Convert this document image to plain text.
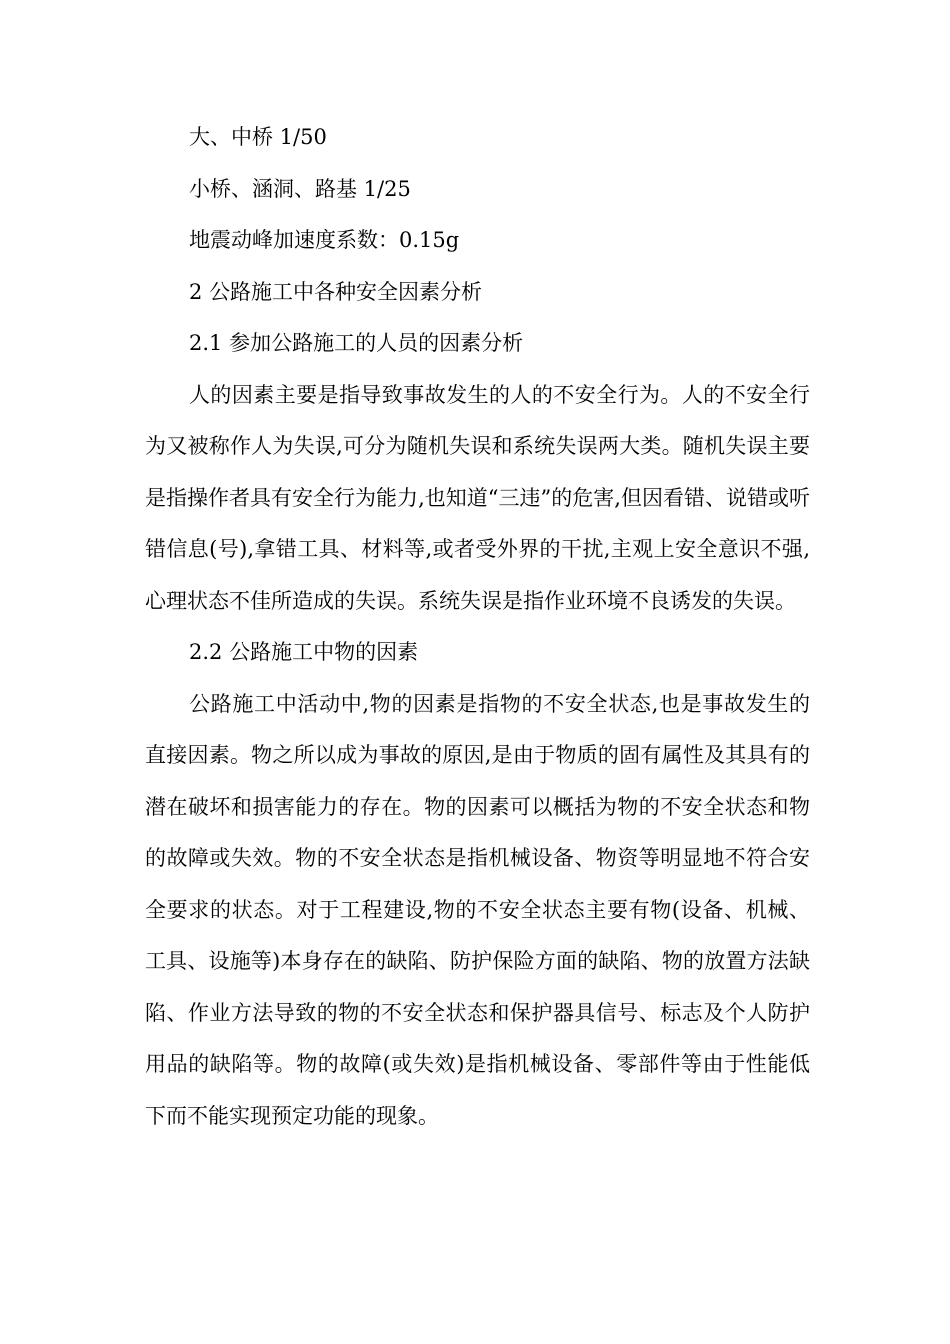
大、中桥 1/50
小桥、涵洞、路基 1/25
地震动峰加速度系数：0.15g
2 公路施工中各种安全因素分析
2.1 参加公路施工的人员的因素分析

人的因素主要是指导致事故发生的人的不安全行为。人的不安全行为又被称作人为失误,可分为随机失误和系统失误两大类。随机失误主要是指操作者具有安全行为能力,也知道“三违”的危害,但因看错、说错或听错信息(号),拿错工具、材料等,或者受外界的干扰,主观上安全意识不强,心理状态不佳所造成的失误。系统失误是指作业环境不良诱发的失误。

2.2 公路施工中物的因素

公路施工中活动中,物的因素是指物的不安全状态,也是事故发生的直接因素。物之所以成为事故的原因,是由于物质的固有属性及其具有的潜在破坏和损害能力的存在。物的因素可以概括为物的不安全状态和物的故障或失效。物的不安全状态是指机械设备、物资等明显地不符合安全要求的状态。对于工程建设,物的不安全状态主要有物(设备、机械、工具、设施等)本身存在的缺陷、防护保险方面的缺陷、物的放置方法缺陷、作业方法导致的物的不安全状态和保护器具信号、标志及个人防护用品的缺陷等。物的故障(或失效)是指机械设备、零部件等由于性能低下而不能实现预定功能的现象。
